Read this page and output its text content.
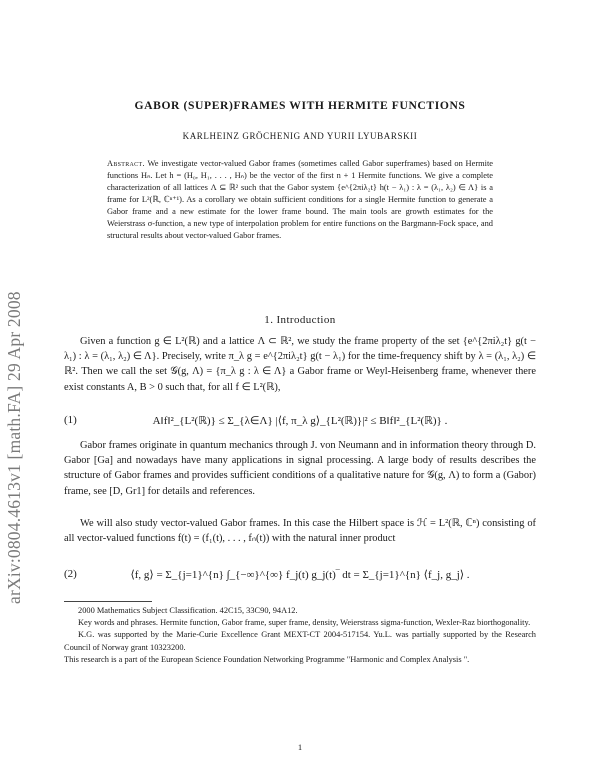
arXiv:0804.4613v1 [math.FA] 29 Apr 2008
GABOR (SUPER)FRAMES WITH HERMITE FUNCTIONS
KARLHEINZ GRÖCHENIG AND YURII LYUBARSKII
Abstract. We investigate vector-valued Gabor frames (sometimes called Gabor superframes) based on Hermite functions Hₙ. Let h = (H₀, H₁, . . . , Hₙ) be the vector of the first n + 1 Hermite functions. We give a complete characterization of all lattices Λ ⊆ ℝ² such that the Gabor system {e^{2πiλ₂t} h(t − λ₁) : λ = (λ₁, λ₂) ∈ Λ} is a frame for L²(ℝ, ℂⁿ⁺¹). As a corollary we obtain sufficient conditions for a single Hermite function to generate a Gabor frame and a new estimate for the lower frame bound. The main tools are growth estimates for the Weierstrass σ-function, a new type of interpolation problem for entire functions on the Bargmann-Fock space, and structural results about vector-valued Gabor frames.
1. Introduction
Given a function g ∈ L²(ℝ) and a lattice Λ ⊂ ℝ², we study the frame property of the set {e^{2πiλ₂t} g(t − λ₁) : λ = (λ₁, λ₂) ∈ Λ}. Precisely, write π_λ g = e^{2πiλ₂t} g(t − λ₁) for the time-frequency shift by λ = (λ₁, λ₂) ∈ ℝ². Then we call the set 𝒢(g, Λ) = {π_λ g : λ ∈ Λ} a Gabor frame or Weyl-Heisenberg frame, whenever there exist constants A, B > 0 such that, for all f ∈ L²(ℝ),
(1)	A‖f‖²_{L²(ℝ)} ≤ Σ_{λ∈Λ} |⟨f, π_λ g⟩_{L²(ℝ)}|² ≤ B‖f‖²_{L²(ℝ)} .
Gabor frames originate in quantum mechanics through J. von Neumann and in information theory through D. Gabor [Ga] and nowadays have many applications in signal processing. A large body of results describes the structure of Gabor frames and provides sufficient conditions of a qualitative nature for 𝒢(g, Λ) to form a (Gabor) frame, see [D, Gr1] for details and references.
We will also study vector-valued Gabor frames. In this case the Hilbert space is ℋ = L²(ℝ, ℂⁿ) consisting of all vector-valued functions f(t) = (f₁(t), . . . , fₙ(t)) with the natural inner product
(2)	⟨f, g⟩ = Σ_{j=1}^{n} ∫_{−∞}^{∞} f_j(t) g_j(t)‾ dt = Σ_{j=1}^{n} ⟨f_j, g_j⟩ .

2000 Mathematics Subject Classification. 42C15, 33C90, 94A12.

Key words and phrases. Hermite function, Gabor frame, super frame, density, Weierstrass sigma-function, Wexler-Raz biorthogonality.

K.G. was supported by the Marie-Curie Excellence Grant MEXT-CT 2004-517154. Yu.L. was partially supported by the Research Council of Norway grant 10323200.

This research is a part of the European Science Foundation Networking Programme "Harmonic and Complex Analysis ".

1
